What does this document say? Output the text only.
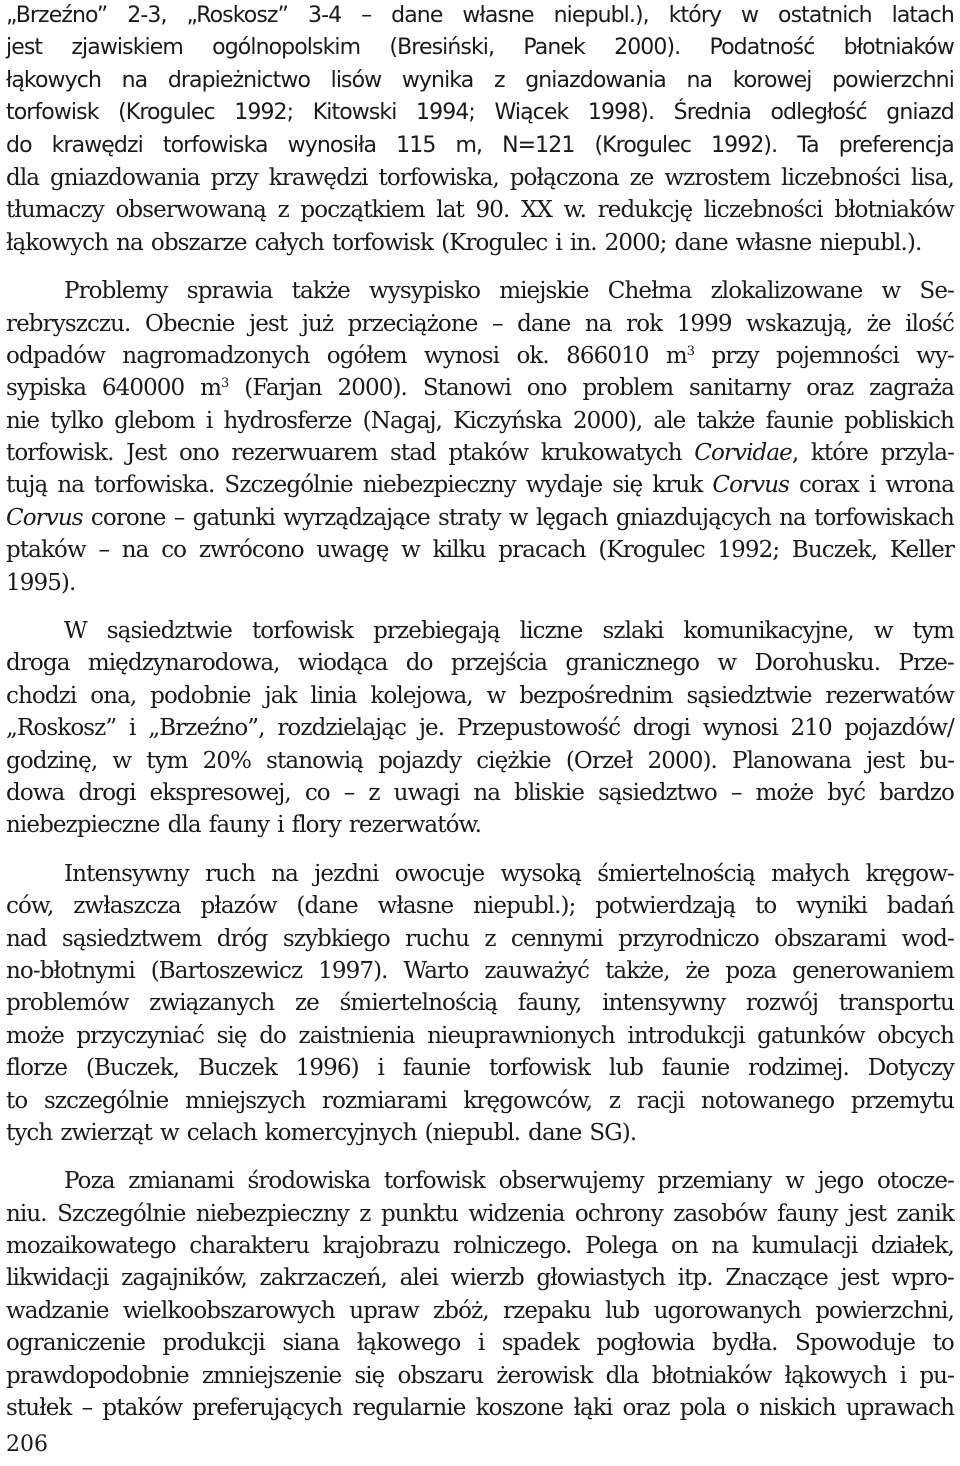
„Brzeźno” 2-3, „Roskosz” 3-4 – dane własne niepubl.), który w ostatnich latach
jest zjawiskiem ogólnopolskim (Bresiński, Panek 2000). Podatność błotniaków
łąkowych na drapieżnictwo lisów wynika z gniazdowania na korowej powierzchni
torfowisk (Krogulec 1992; Kitowski 1994; Wiącek 1998). Średnia odległość gniazd
do krawędzi torfowiska wynosiła 115 m, N=121 (Krogulec 1992). Ta preferencja
dla gniazdowania przy krawędzi torfowiska, połączona ze wzrostem liczebności lisa,
tłumaczy obserwowaną z początkiem lat 90. XX w. redukcję liczebności błotniaków
łąkowych na obszarze całych torfowisk (Krogulec i in. 2000; dane własne niepubl.).
Problemy sprawia także wysypisko miejskie Chełma zlokalizowane w Se-
rebryszczu. Obecnie jest już przeciążone – dane na rok 1999 wskazują, że ilość
odpadów nagromadzonych ogółem wynosi ok. 866010 $m^3$ przy pojemności wy-
sypiska 640000 $m^3$ (Farjan 2000). Stanowi ono problem sanitarny oraz zagraża
nie tylko glebom i hydrosferze (Nagaj, Kiczyńska 2000), ale także faunie pobliskich
torfowisk. Jest ono rezerwuarem stad ptaków krukowatych Corvidae, które przyla-
tują na torfowiska. Szczególnie niebezpieczny wydaje się kruk Corvus corax i wrona
Corvus corone – gatunki wyrządzające straty w lęgach gniazdujących na torfowiskach
ptaków – na co zwrócono uwagę w kilku pracach (Krogulec 1992; Buczek, Keller
1995).
W sąsiedztwie torfowisk przebiegają liczne szlaki komunikacyjne, w tym
droga międzynarodowa, wiodąca do przejścia granicznego w Dorohusku. Prze-
chodzi ona, podobnie jak linia kolejowa, w bezpośrednim sąsiedztwie rezerwatów
„Roskosz” i „Brzeźno”, rozdzielając je. Przepustowość drogi wynosi 210 pojazdów/
godzinę, w tym 20% stanowią pojazdy ciężkie (Orzeł 2000). Planowana jest bu-
dowa drogi ekspresowej, co – z uwagi na bliskie sąsiedztwo – może być bardzo
niebezpieczne dla fauny i flory rezerwatów.
Intensywny ruch na jezdni owocuje wysoką śmiertelnością małych kręgow-
ców, zwłaszcza płazów (dane własne niepubl.); potwierdzają to wyniki badań
nad sąsiedztwem dróg szybkiego ruchu z cennymi przyrodniczo obszarami wod-
no-błotnymi (Bartoszewicz 1997). Warto zauważyć także, że poza generowaniem
problemów związanych ze śmiertelnością fauny, intensywny rozwój transportu
może przyczyniać się do zaistnienia nieuprawnionych introdukcji gatunków obcych
florze (Buczek, Buczek 1996) i faunie torfowisk lub faunie rodzimej. Dotyczy
to szczególnie mniejszych rozmiarami kręgowców, z racji notowanego przemytu
tych zwierząt w celach komercyjnych (niepubl. dane SG).
Poza zmianami środowiska torfowisk obserwujemy przemiany w jego otocze-
niu. Szczególnie niebezpieczny z punktu widzenia ochrony zasobów fauny jest zanik
mozaikowatego charakteru krajobrazu rolniczego. Polega on na kumulacji działek,
likwidacji zagajników, zakrzaczeń, alei wierzb głowiastych itp. Znaczące jest wpro-
wadzanie wielkoobszarowych upraw zbóż, rzepaku lub ugorowanych powierzchni,
ograniczenie produkcji siana łąkowego i spadek pogłowia bydła. Spowoduje to
prawdopodobnie zmniejszenie się obszaru żerowisk dla błotniaków łąkowych i pu-
stułek – ptaków preferujących regularnie koszone łąki oraz pola o niskich uprawach
206
